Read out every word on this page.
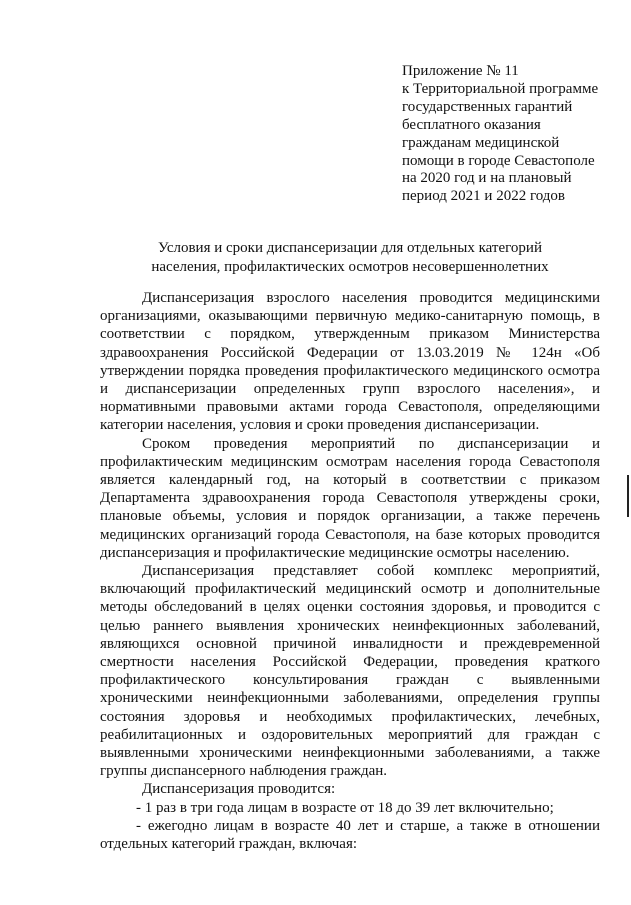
Приложение № 11
к Территориальной программе
государственных гарантий
бесплатного оказания
гражданам медицинской
помощи в городе Севастополе
на 2020 год и на плановый
период 2021 и 2022 годов
Условия и сроки диспансеризации для отдельных категорий
населения, профилактических осмотров несовершеннолетних

Диспансеризация взрослого населения проводится медицинскими организациями, оказывающими первичную медико-санитарную помощь, в соответствии с порядком, утвержденным приказом Министерства здравоохранения Российской Федерации от 13.03.2019 № 124н «Об утверждении порядка проведения профилактического медицинского осмотра и диспансеризации определенных групп взрослого населения», и нормативными правовыми актами города Севастополя, определяющими категории населения, условия и сроки проведения диспансеризации.

Сроком проведения мероприятий по диспансеризации и профилактическим медицинским осмотрам населения города Севастополя является календарный год, на который в соответствии с приказом Департамента здравоохранения города Севастополя утверждены сроки, плановые объемы, условия и порядок организации, а также перечень медицинских организаций города Севастополя, на базе которых проводится диспансеризация и профилактические медицинские осмотры населению.

Диспансеризация представляет собой комплекс мероприятий, включающий профилактический медицинский осмотр и дополнительные методы обследований в целях оценки состояния здоровья, и проводится с целью раннего выявления хронических неинфекционных заболеваний, являющихся основной причиной инвалидности и преждевременной смертности населения Российской Федерации, проведения краткого профилактического консультирования граждан с выявленными хроническими неинфекционными заболеваниями, определения группы состояния здоровья и необходимых профилактических, лечебных, реабилитационных и оздоровительных мероприятий для граждан с выявленными хроническими неинфекционными заболеваниями, а также группы диспансерного наблюдения граждан.

Диспансеризация проводится:

- 1 раз в три года лицам в возрасте от 18 до 39 лет включительно;

- ежегодно лицам в возрасте 40 лет и старше, а также в отношении отдельных категорий граждан, включая:
